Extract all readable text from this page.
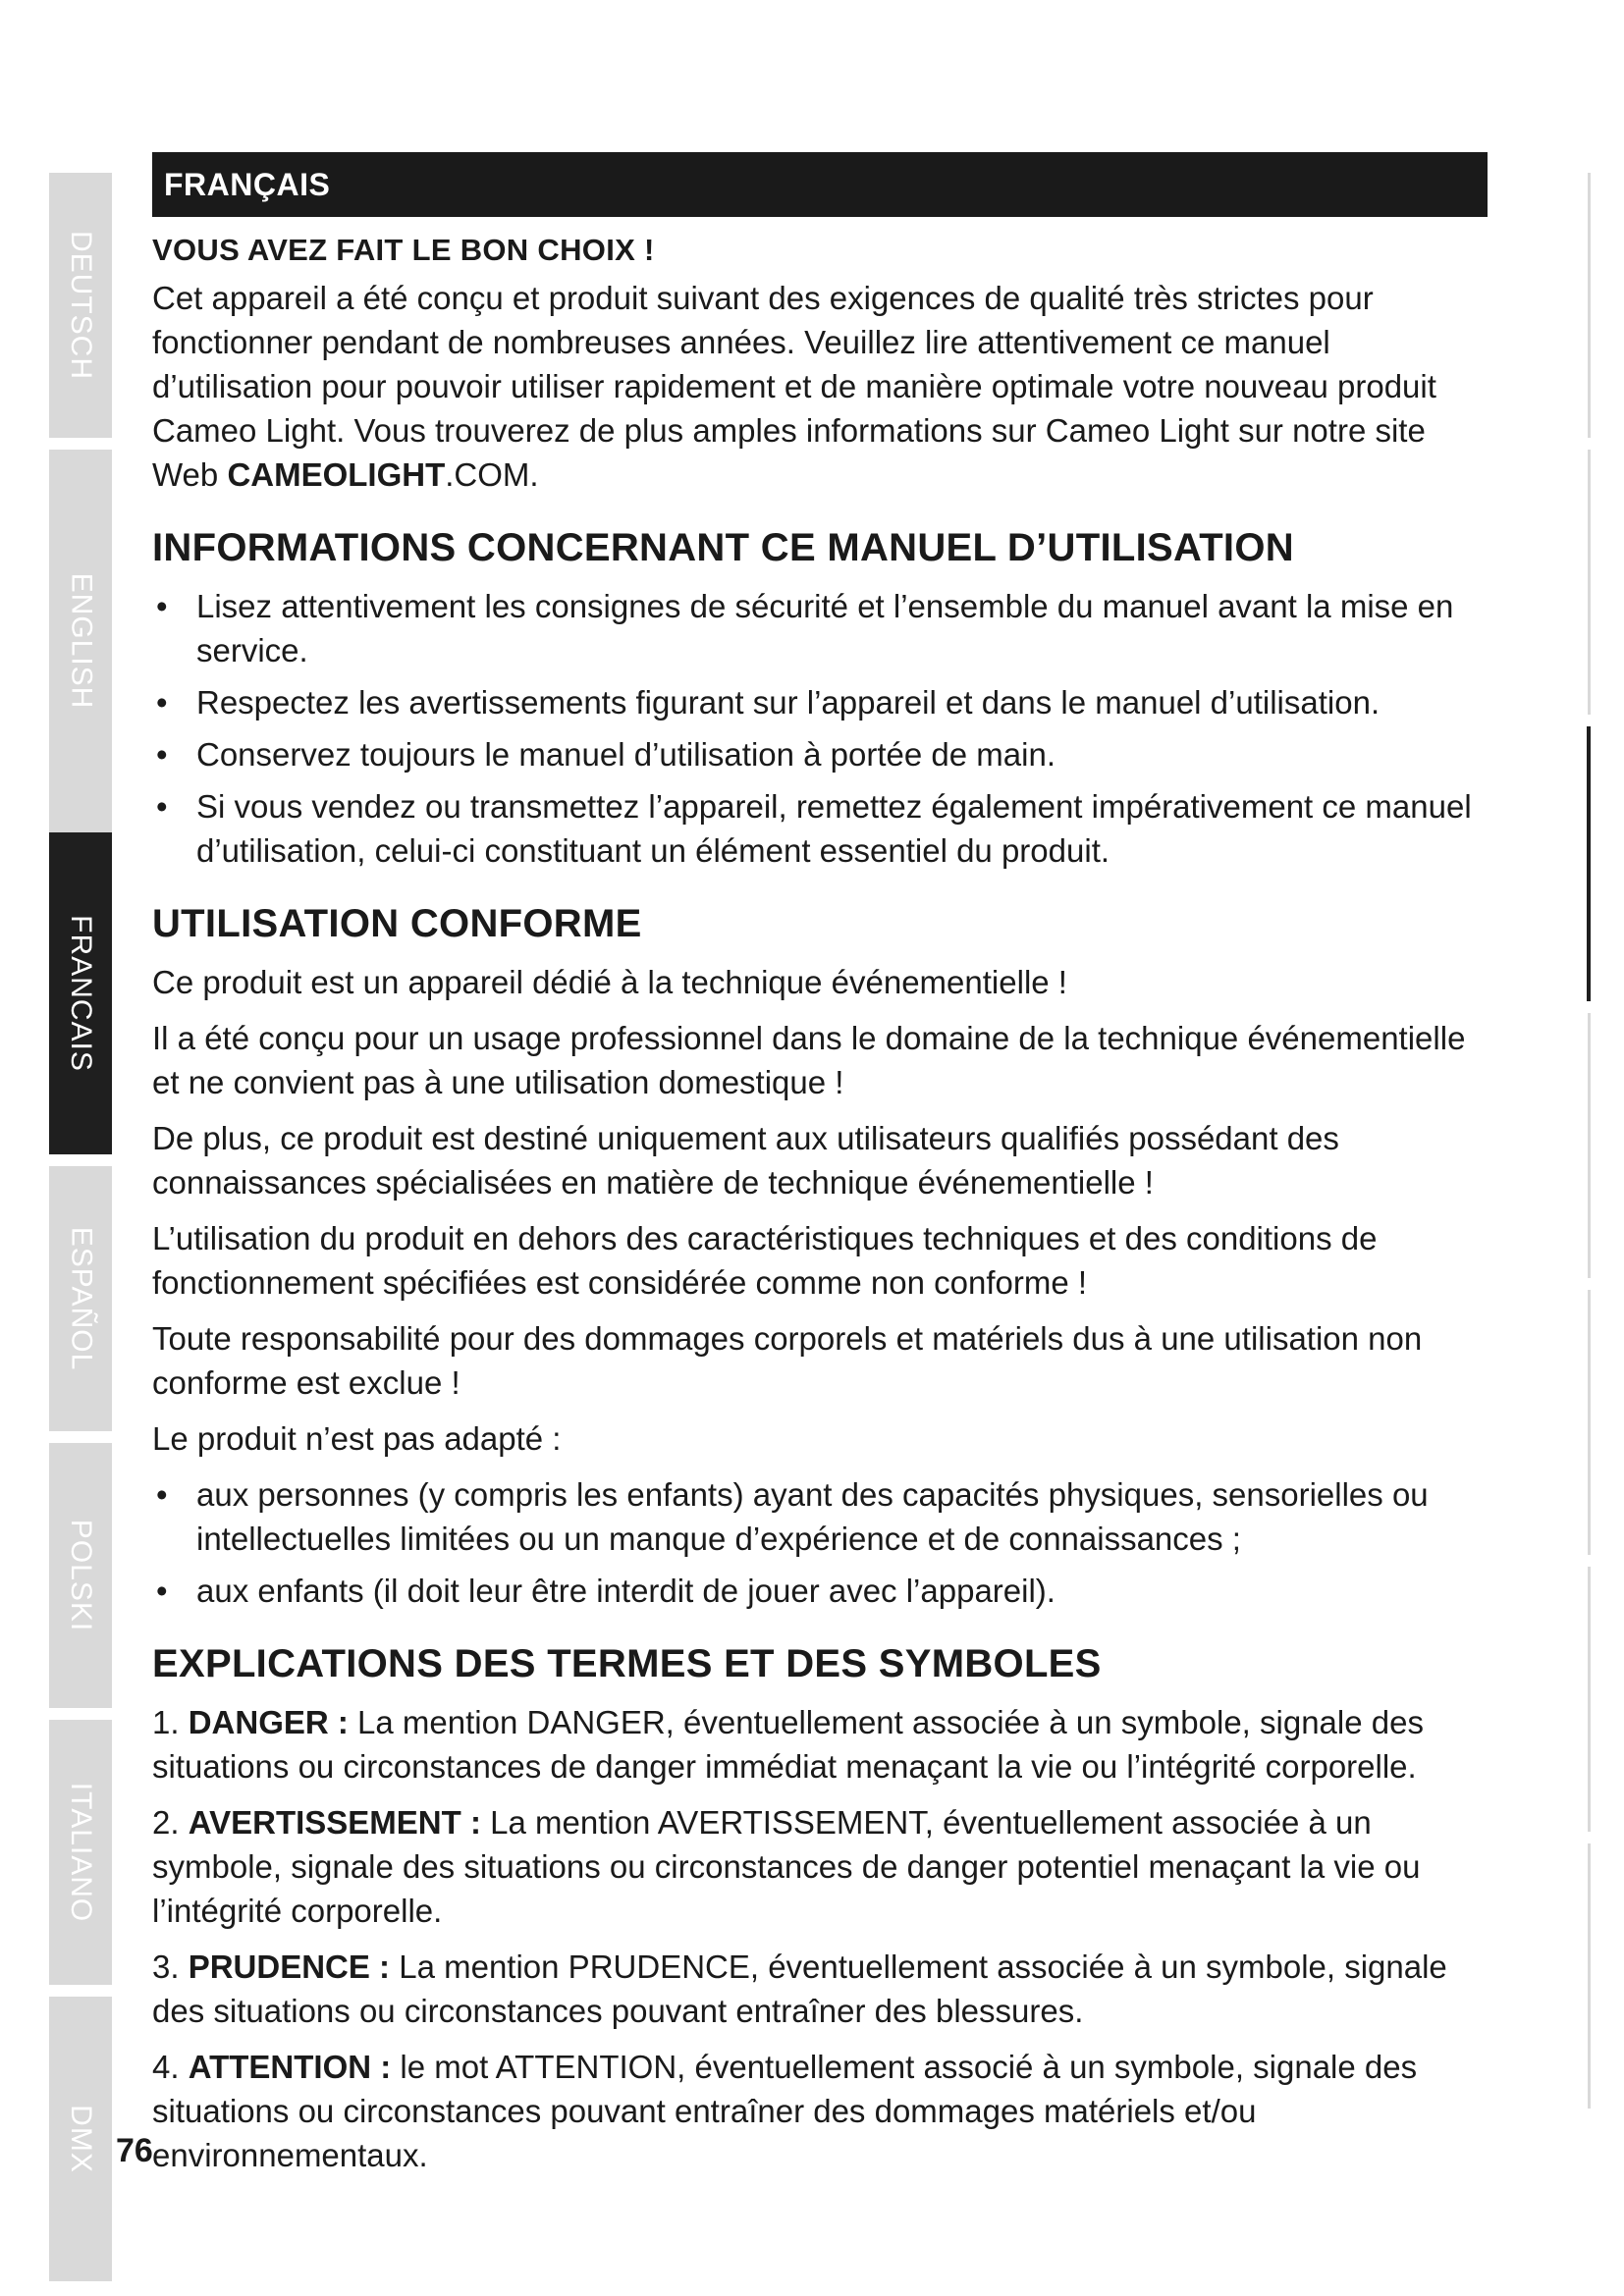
DEUTSCH
ENGLISH
FRANCAIS
ESPAÑOL
POLSKI
ITALIANO
DMX
FRANÇAIS
VOUS AVEZ FAIT LE BON CHOIX !

Cet appareil a été conçu et produit suivant des exigences de qualité très strictes pour fonctionner pendant de nombreuses années. Veuillez lire attentivement ce manuel d’utilisation pour pouvoir utiliser rapidement et de manière optimale votre nouveau produit Cameo Light. Vous trouverez de plus amples informations sur Cameo Light sur notre site Web CAMEOLIGHT.COM.

INFORMATIONS CONCERNANT CE MANUEL D’UTILISATION
• Lisez attentivement les consignes de sécurité et l’ensemble du manuel avant la mise en service.
• Respectez les avertissements figurant sur l’appareil et dans le manuel d’utilisation.
• Conservez toujours le manuel d’utilisation à portée de main.
• Si vous vendez ou transmettez l’appareil, remettez également impérativement ce manuel d’utilisation, celui-ci constituant un élément essentiel du produit.
UTILISATION CONFORME

Ce produit est un appareil dédié à la technique événementielle !

Il a été conçu pour un usage professionnel dans le domaine de la technique événementielle et ne convient pas à une utilisation domestique !

De plus, ce produit est destiné uniquement aux utilisateurs qualifiés possédant des connaissances spécialisées en matière de technique événementielle !

L’utilisation du produit en dehors des caractéristiques techniques et des conditions de fonctionnement spécifiées est considérée comme non conforme !

Toute responsabilité pour des dommages corporels et matériels dus à une utilisation non conforme est exclue !

Le produit n’est pas adapté :

• aux personnes (y compris les enfants) ayant des capacités physiques, sensorielles ou intellectuelles limitées ou un manque d’expérience et de connaissances ;
• aux enfants (il doit leur être interdit de jouer avec l’appareil).
EXPLICATIONS DES TERMES ET DES SYMBOLES

1. DANGER : La mention DANGER, éventuellement associée à un symbole, signale des situations ou circonstances de danger immédiat menaçant la vie ou l’intégrité corporelle.

2. AVERTISSEMENT : La mention AVERTISSEMENT, éventuellement associée à un symbole, signale des situations ou circonstances de danger potentiel menaçant la vie ou l’intégrité corporelle.

3. PRUDENCE : La mention PRUDENCE, éventuellement associée à un symbole, signale des situations ou circonstances pouvant entraîner des blessures.

4. ATTENTION : le mot ATTENTION, éventuellement associé à un symbole, signale des situations ou circonstances pouvant entraîner des dommages matériels et/ou environnementaux.

76
